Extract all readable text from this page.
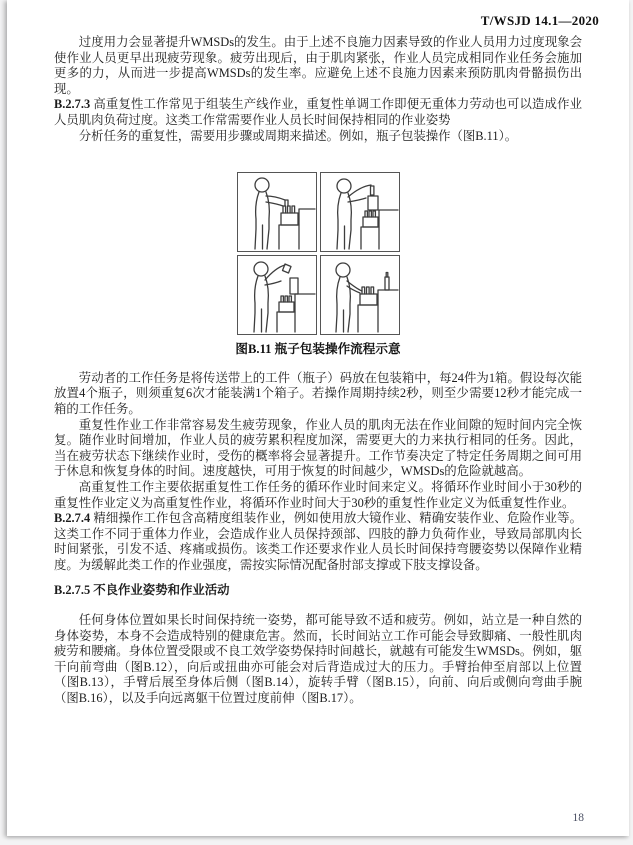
T/WSJD 14.1—2020

过度用力会显著提升WMSDs的发生。由于上述不良施力因素导致的作业人员用力过度现象会使作业人员更早出现疲劳现象。疲劳出现后，由于肌肉紧张，作业人员完成相同作业任务会施加更多的力，从而进一步提高WMSDs的发生率。应避免上述不良施力因素来预防肌肉骨骼损伤出现。

B.2.7.3 高重复性工作常见于组装生产线作业，重复性单调工作即便无重体力劳动也可以造成作业人员肌肉负荷过度。这类工作常需要作业人员长时间保持相同的作业姿势

分析任务的重复性，需要用步骤或周期来描述。例如，瓶子包装操作（图B.11）。

图B.11 瓶子包装操作流程示意

劳动者的工作任务是将传送带上的工件（瓶子）码放在包装箱中，每24件为1箱。假设每次能放置4个瓶子，则须重复6次才能装满1个箱子。若操作周期持续2秒，则至少需要12秒才能完成一箱的工作任务。

重复性作业工作非常容易发生疲劳现象，作业人员的肌肉无法在作业间隙的短时间内完全恢复。随作业时间增加，作业人员的疲劳累积程度加深，需要更大的力来执行相同的任务。因此，当在疲劳状态下继续作业时，受伤的概率将会显著提升。工作节奏决定了特定任务周期之间可用于休息和恢复身体的时间。速度越快，可用于恢复的时间越少，WMSDs的危险就越高。

高重复性工作主要依据重复性工作任务的循环作业时间来定义。将循环作业时间小于30秒的重复性作业定义为高重复性作业，将循环作业时间大于30秒的重复性作业定义为低重复性作业。

B.2.7.4 精细操作工作包含高精度组装作业，例如使用放大镜作业、精确安装作业、危险作业等。这类工作不同于重体力作业，会造成作业人员保持颈部、四肢的静力负荷作业，导致局部肌肉长时间紧张，引发不适、疼痛或损伤。该类工作还要求作业人员长时间保持弯腰姿势以保障作业精度。为缓解此类工作的作业强度，需按实际情况配备肘部支撑或下肢支撑设备。

B.2.7.5 不良作业姿势和作业活动

任何身体位置如果长时间保持统一姿势，都可能导致不适和疲劳。例如，站立是一种自然的身体姿势，本身不会造成特别的健康危害。然而，长时间站立工作可能会导致脚痛、一般性肌肉疲劳和腰痛。身体位置受限或不良工效学姿势保持时间越长，就越有可能发生WMSDs。例如，躯干向前弯曲（图B.12），向后或扭曲亦可能会对后背造成过大的压力。手臂抬伸至肩部以上位置（图B.13），手臂后展至身体后侧（图B.14），旋转手臂（图B.15），向前、向后或侧向弯曲手腕（图B.16），以及手向远离躯干位置过度前伸（图B.17）。

18
